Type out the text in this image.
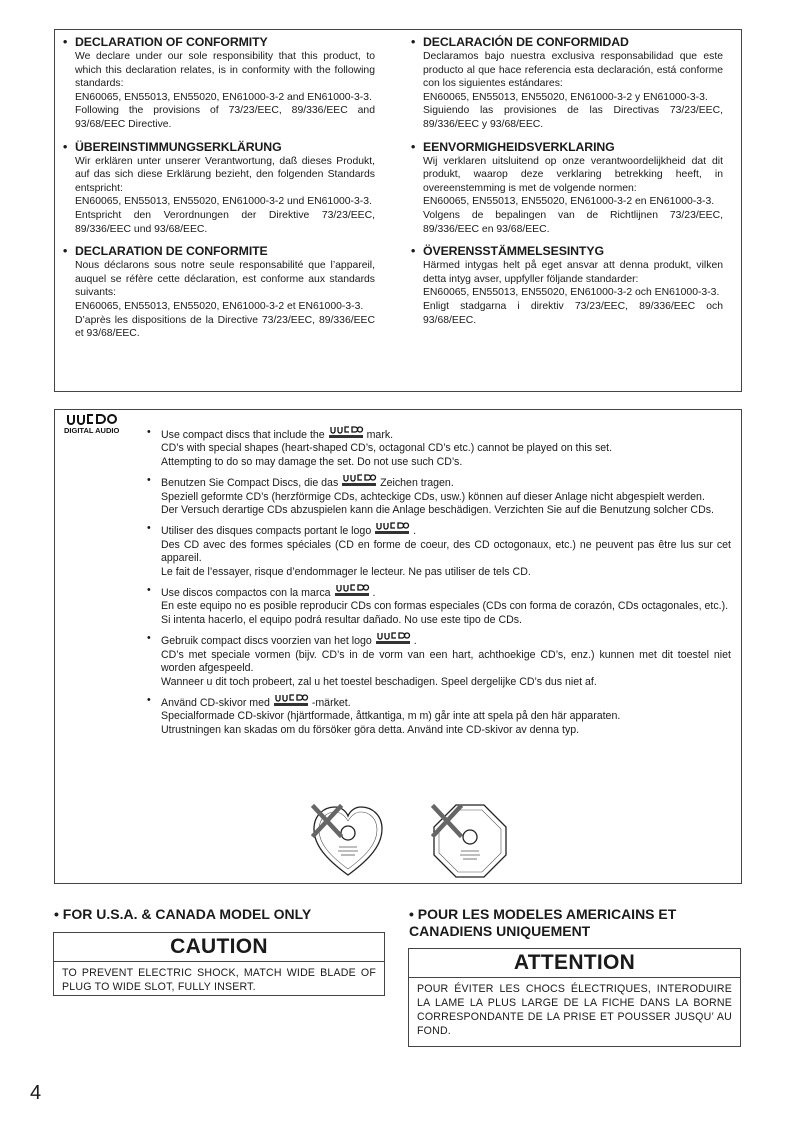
• DECLARATION OF CONFORMITY

We declare under our sole responsibility that this product, to which this declaration relates, is in conformity with the following standards:

EN60065, EN55013, EN55020, EN61000-3-2 and EN61000-3-3.

Following the provisions of 73/23/EEC, 89/336/EEC and 93/68/EEC Directive.

• ÜBEREINSTIMMUNGSERKLÄRUNG

Wir erklären unter unserer Verantwortung, daß dieses Produkt, auf das sich diese Erklärung bezieht, den folgenden Standards entspricht:

EN60065, EN55013, EN55020, EN61000-3-2 und EN61000-3-3.

Entspricht den Verordnungen der Direktive 73/23/EEC, 89/336/EEC und 93/68/EEC.

• DECLARATION DE CONFORMITE

Nous déclarons sous notre seule responsabilité que l’appareil, auquel se réfère cette déclaration, est conforme aux standards suivants:

EN60065, EN55013, EN55020, EN61000-3-2 et EN61000-3-3.

D’après les dispositions de la Directive 73/23/EEC, 89/336/EEC et 93/68/EEC.

• DECLARACIÓN DE CONFORMIDAD

Declaramos bajo nuestra exclusiva responsabilidad que este producto al que hace referencia esta declaración, está conforme con los siguientes estándares:

EN60065, EN55013, EN55020, EN61000-3-2 y EN61000-3-3.

Siguiendo las provisiones de las Directivas 73/23/EEC, 89/336/EEC y 93/68/EEC.

• EENVORMIGHEIDSVERKLARING

Wij verklaren uitsluitend op onze verantwoordelijkheid dat dit produkt, waarop deze verklaring betrekking heeft, in overeenstemming is met de volgende normen:

EN60065, EN55013, EN55020, EN61000-3-2 en EN61000-3-3.

Volgens de bepalingen van de Richtlijnen 73/23/EEC, 89/336/EEC en 93/68/EEC.

• ÖVERENSSTÄMMELSESINTYG

Härmed intygas helt på eget ansvar att denna produkt, vilken detta intyg avser, uppfyller följande standarder:

EN60065, EN55013, EN55020, EN61000-3-2 och EN61000-3-3.

Enligt stadgarna i direktiv 73/23/EEC, 89/336/EEC och 93/68/EEC.

DIGITAL AUDIO	• Use compact discs that include the	mark.

CD’s with special shapes (heart-shaped CD’s, octagonal CD’s etc.) cannot be played on this set.

Attempting to do so may damage the set. Do not use such CD’s.

• Benutzen Sie Compact Discs, die das	Zeichen tragen.

Speziell geformte CD’s (herzförmige CDs, achteckige CDs, usw.) können auf dieser Anlage nicht abgespielt werden.

Der Versuch derartige CDs abzuspielen kann die Anlage beschädigen. Verzichten Sie auf die Benutzung solcher CDs.

• Utiliser des disques compacts portant le logo	.

Des CD avec des formes spéciales (CD en forme de coeur, des CD octogonaux, etc.) ne peuvent pas être lus sur cet appareil.

Le fait de l’essayer, risque d’endommager le lecteur. Ne pas utiliser de tels CD.

• Use discos compactos con la marca	.

En este equipo no es posible reproducir CDs con formas especiales (CDs con forma de corazón, CDs octagonales, etc.).

Si intenta hacerlo, el equipo podrá resultar dañado. No use este tipo de CDs.

• Gebruik compact discs voorzien van het logo	.

CD’s met speciale vormen (bijv. CD’s in de vorm van een hart, achthoekige CD’s, enz.) kunnen met dit toestel niet worden afgespeeld.

Wanneer u dit toch probeert, zal u het toestel beschadigen. Speel dergelijke CD’s dus niet af.

• Använd CD-skivor med	-märket.

Specialformade CD-skivor (hjärtformade, åttkantiga, m m) går inte att spela på den här apparaten.

Utrustningen kan skadas om du försöker göra detta. Använd inte CD-skivor av denna typ.

• FOR U.S.A. & CANADA MODEL ONLY
CAUTION
TO PREVENT ELECTRIC SHOCK, MATCH WIDE BLADE OF PLUG TO WIDE SLOT, FULLY INSERT.
• POUR LES MODELES AMERICAINS ET CANADIENS UNIQUEMENT
ATTENTION
POUR ÉVITER LES CHOCS ÉLECTRIQUES, INTERODUIRE LA LAME LA PLUS LARGE DE LA FICHE DANS LA BORNE CORRESPONDANTE DE LA PRISE ET POUSSER JUSQU’ AU FOND.
4
